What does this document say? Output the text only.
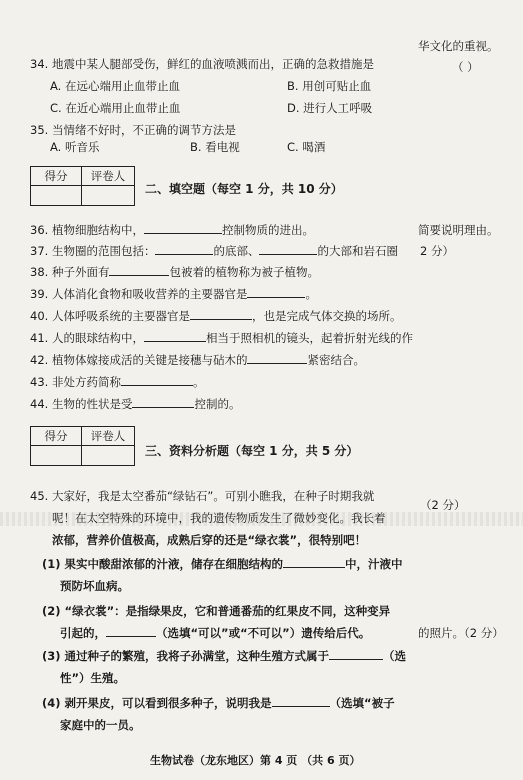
华文化的重视。
（ ）
简要说明理由。
2 分）
（2 分）
的照片。（2 分）
34. 地震中某人腿部受伤，鲜红的血液喷溅而出，正确的急救措施是
A. 在远心端用止血带止血	B. 用创可贴止血
C. 在近心端用止血带止血	D. 进行人工呼吸
35. 当情绪不好时，不正确的调节方法是
A. 听音乐	B. 看电视	C. 喝酒
得分	评卷人

二、填空题（每空 1 分，共 10 分）
36. 植物细胞结构中，	控制物质的进出。
37. 生物圈的范围包括：	的底部、	的大部和岩石圈
38. 种子外面有	包被着的植物称为被子植物。
39. 人体消化食物和吸收营养的主要器官是	。
40. 人体呼吸系统的主要器官是	，也是完成气体交换的场所。
41. 人的眼球结构中，	相当于照相机的镜头，起着折射光线的作
42. 植物体嫁接成活的关键是接穗与砧木的	紧密结合。
43. 非处方药简称	。
44. 生物的性状是受	控制的。
得分	评卷人

三、资料分析题（每空 1 分，共 5 分）
45. 大家好，我是太空番茄“绿钻石”。可别小瞧我，在种子时期我就
呢！在太空特殊的环境中，我的遗传物质发生了微妙变化。我长着
浓郁，营养价值极高，成熟后穿的还是“绿衣裳”，很特别吧！
(1) 果实中酸甜浓郁的汁液，储存在细胞结构的	中，汁液中
预防坏血病。
(2) “绿衣裳”：是指绿果皮，它和普通番茄的红果皮不同，这种变异
引起的，	（选填“可以”或“不可以”）遗传给后代。
(3) 通过种子的繁殖，我将子孙满堂，这种生殖方式属于	（选
性”）生殖。
(4) 剥开果皮，可以看到很多种子，说明我是	（选填“被子
家庭中的一员。
生物试卷（龙东地区）第 4 页 （共 6 页）
